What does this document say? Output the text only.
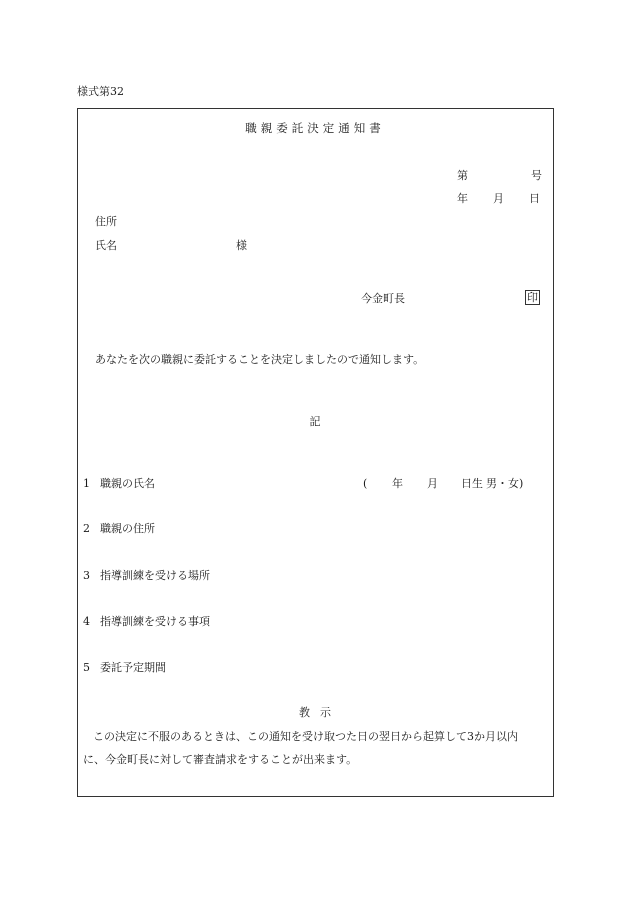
様式第32
職親委託決定通知書
第	号
年 月 日
住所
氏名	様
今金町長	印
あなたを次の職親に委託することを決定しましたので通知します。
記
1 職親の氏名	( 年 月 日生 男・女)
2 職親の住所
3 指導訓練を受ける場所
4 指導訓練を受ける事項
5 委託予定期間
教示
この決定に不服のあるときは、この通知を受け取つた日の翌日から起算して3か月以内
に、今金町長に対して審査請求をすることが出来ます。
